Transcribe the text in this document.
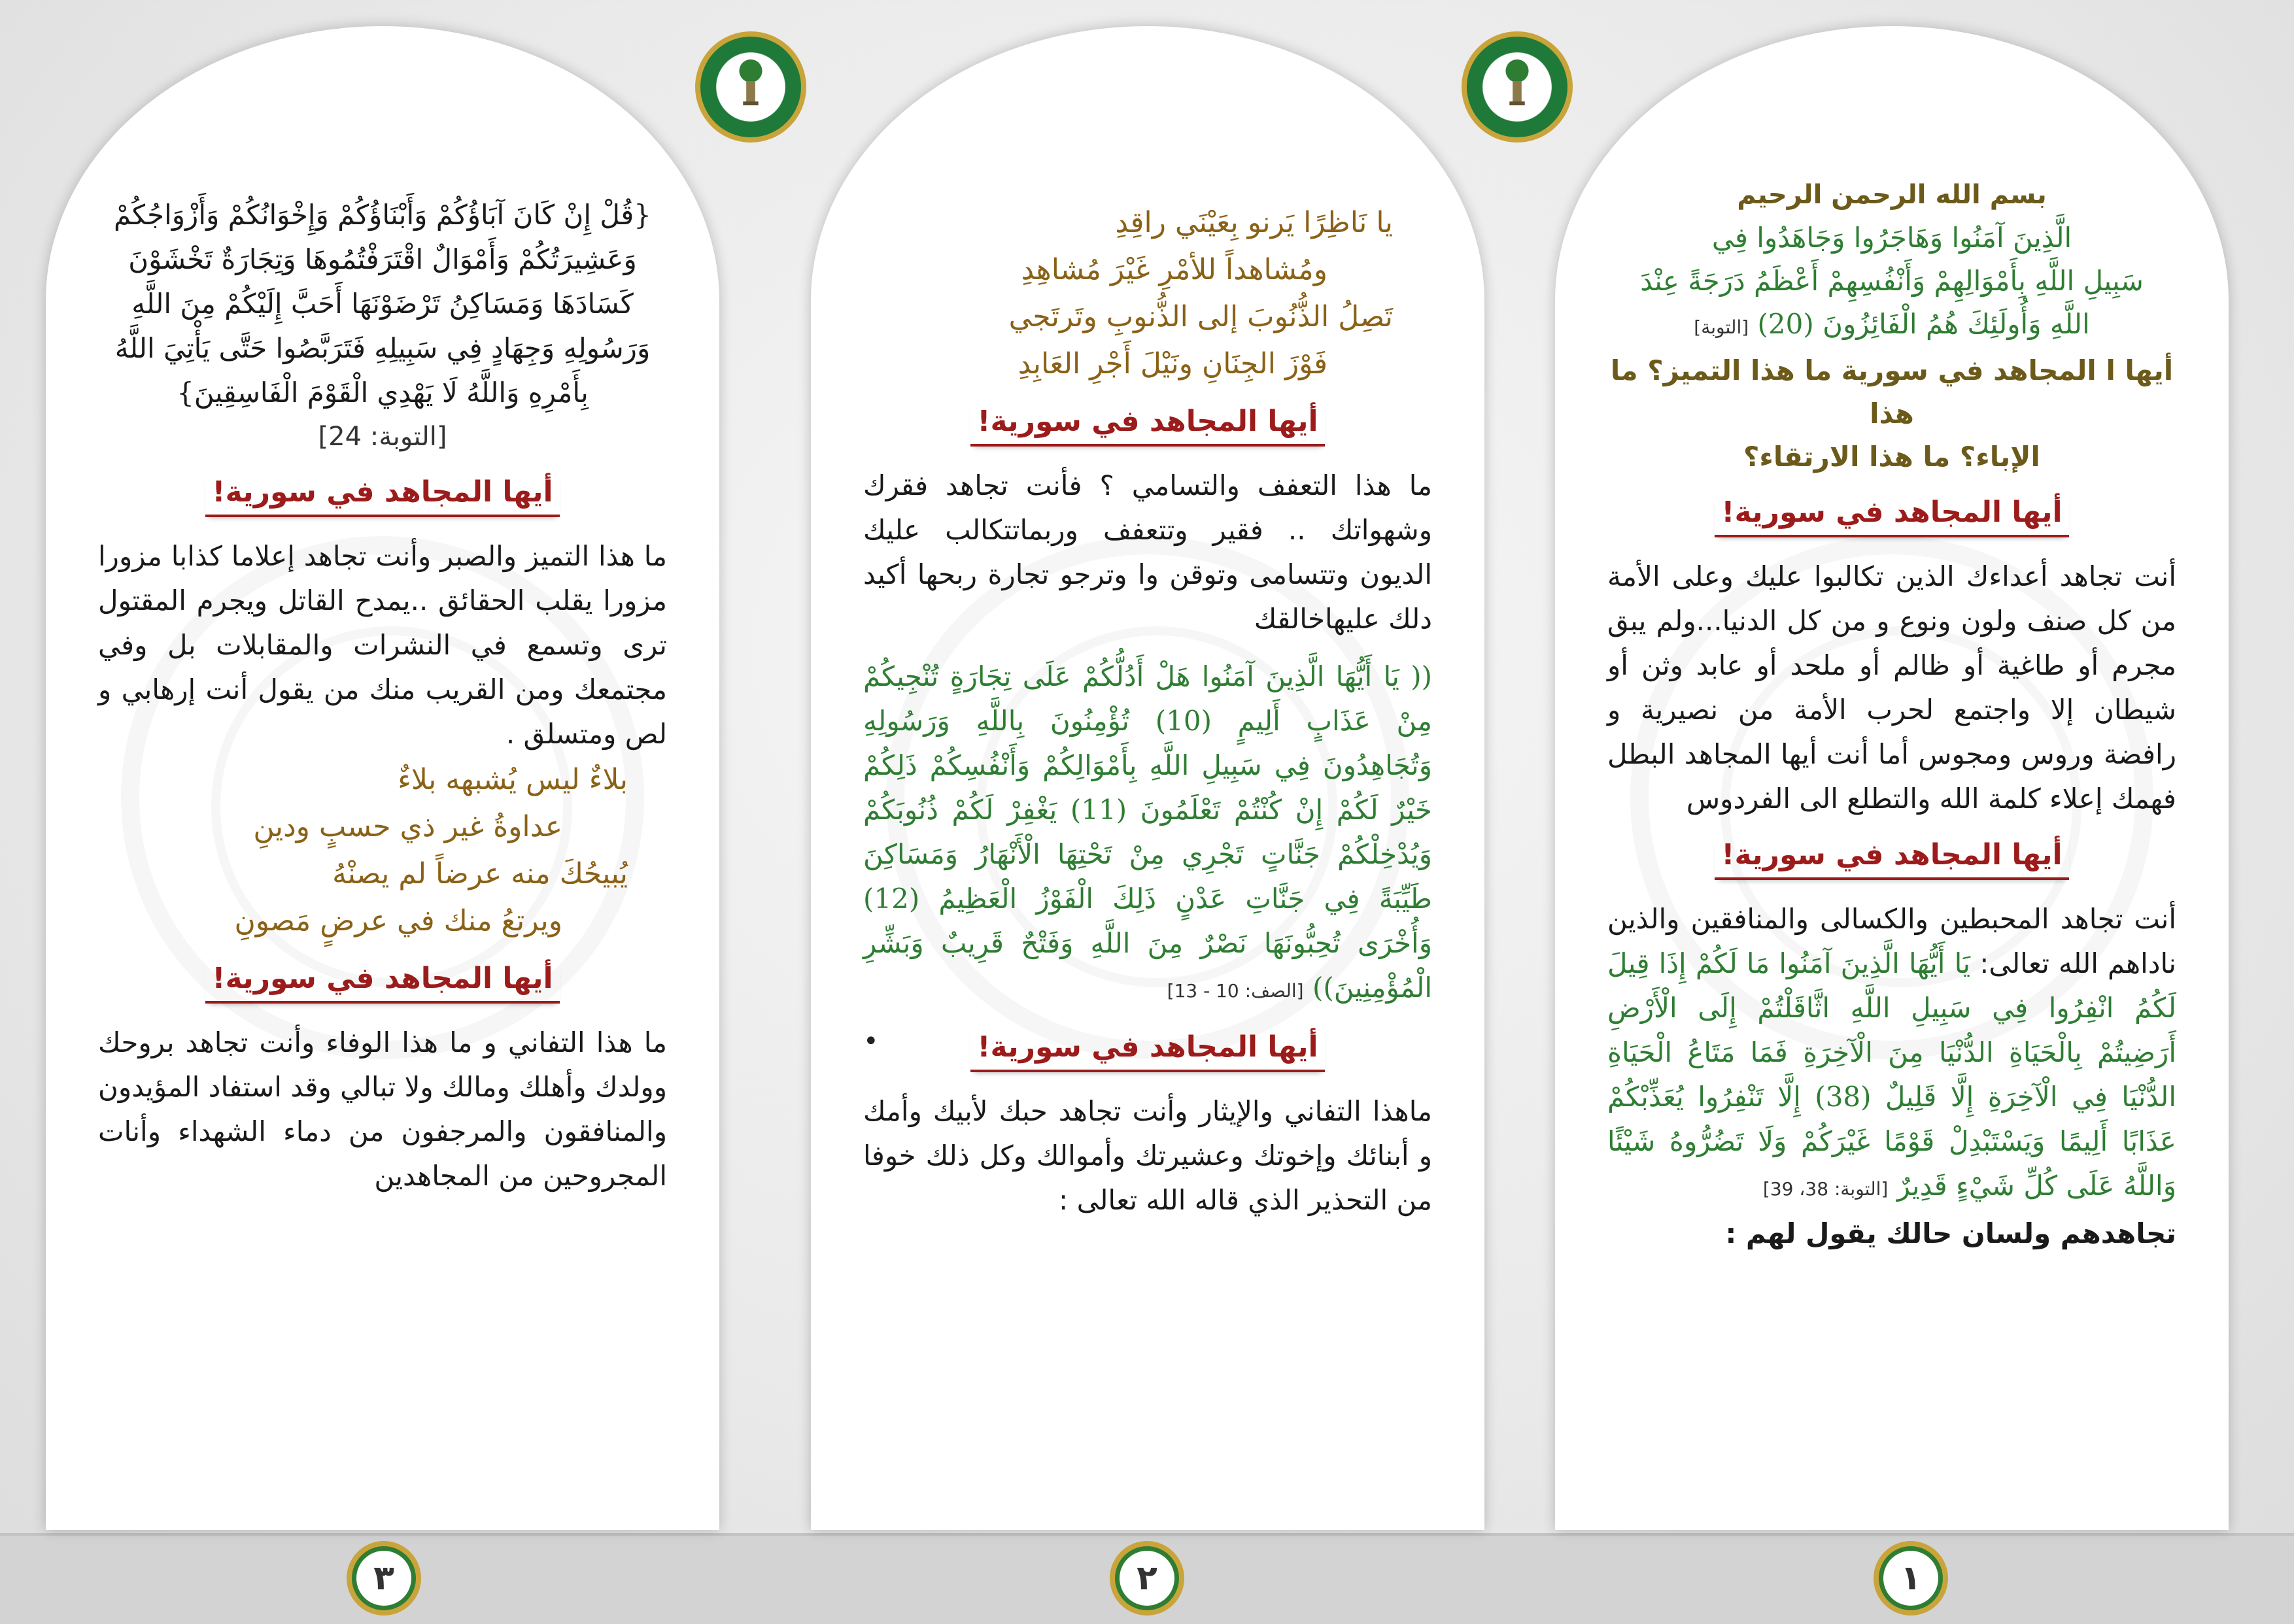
بسم الله الرحمن الرحيم
الَّذِينَ آمَنُوا وَهَاجَرُوا وَجَاهَدُوا فِي
سَبِيلِ اللَّهِ بِأَمْوَالِهِمْ وَأَنْفُسِهِمْ أَعْظَمُ دَرَجَةً عِنْدَ
اللَّهِ وَأُولَئِكَ هُمُ الْفَائِزُونَ (20) [التوبة]
أيها ا المجاهد في سورية ما هذا التميز؟ ما هذا
الإباء؟ ما هذا الارتقاء؟
أيها المجاهد في سورية!

أنت تجاهد أعداءك الذين تكالبوا عليك وعلى الأمة من كل صنف ولون ونوع و من كل الدنيا...ولم يبق مجرم أو طاغية أو ظالم أو ملحد أو عابد وثن أو شيطان إلا واجتمع لحرب الأمة من نصيرية و رافضة وروس ومجوس أما أنت أيها المجاهد البطل فهمك إعلاء كلمة الله والتطلع الى الفردوس

أيها المجاهد في سورية!

أنت تجاهد المحبطين والكسالى والمنافقين والذين ناداهم الله تعالى: يَا أَيُّهَا الَّذِينَ آمَنُوا مَا لَكُمْ إِذَا قِيلَ لَكُمُ انْفِرُوا فِي سَبِيلِ اللَّهِ اثَّاقَلْتُمْ إِلَى الْأَرْضِ أَرَضِيتُمْ بِالْحَيَاةِ الدُّنْيَا مِنَ الْآخِرَةِ فَمَا مَتَاعُ الْحَيَاةِ الدُّنْيَا فِي الْآخِرَةِ إِلَّا قَلِيلٌ (38) إِلَّا تَنْفِرُوا يُعَذِّبْكُمْ عَذَابًا أَلِيمًا وَيَسْتَبْدِلْ قَوْمًا غَيْرَكُمْ وَلَا تَضُرُّوهُ شَيْئًا وَاللَّهُ عَلَى كُلِّ شَيْءٍ قَدِيرٌ [التوبة: 38، 39]

تجاهدهم ولسان حالك يقول لهم :

يا نَاظِرًا يَرنو بِعَيْنَي راقِدِ
ومُشاهداً للأمْرِ غَيْرَ مُشاهِدِ
تَصِلُ الذُّنُوبَ إلى الذُّنوبِ وتَرتَجي
فَوْزَ الجِنَانِ ونَيْلَ أَجْرِ العَابِدِ
أيها المجاهد في سورية!

ما هذا التعفف والتسامي ؟ فأنت تجاهد فقرك وشهواتك .. فقير وتتعفف وربماتتكالب عليك الديون وتتسامى وتوقن وا وترجو تجارة ربحها أكيد دلك عليهاخالقك

(( يَا أَيُّهَا الَّذِينَ آمَنُوا هَلْ أَدُلُّكُمْ عَلَى تِجَارَةٍ تُنْجِيكُمْ مِنْ عَذَابٍ أَلِيمٍ (10) تُؤْمِنُونَ بِاللَّهِ وَرَسُولِهِ وَتُجَاهِدُونَ فِي سَبِيلِ اللَّهِ بِأَمْوَالِكُمْ وَأَنْفُسِكُمْ ذَلِكُمْ خَيْرٌ لَكُمْ إِنْ كُنْتُمْ تَعْلَمُونَ (11) يَغْفِرْ لَكُمْ ذُنُوبَكُمْ وَيُدْخِلْكُمْ جَنَّاتٍ تَجْرِي مِنْ تَحْتِهَا الْأَنْهَارُ وَمَسَاكِنَ طَيِّبَةً فِي جَنَّاتِ عَدْنٍ ذَلِكَ الْفَوْزُ الْعَظِيمُ (12) وَأُخْرَى تُحِبُّونَهَا نَصْرٌ مِنَ اللَّهِ وَفَتْحٌ قَرِيبٌ وَبَشِّرِ الْمُؤْمِنِينَ)) [الصف: 10 - 13]

أيها المجاهد في سورية!
•

ماهذا التفاني والإيثار وأنت تجاهد حبك لأبيك وأمك و أبنائك وإخوتك وعشيرتك وأموالك وكل ذلك خوفا من التحذير الذي قاله الله تعالى :

{قُلْ إِنْ كَانَ آبَاؤُكُمْ وَأَبْنَاؤُكُمْ وَإِخْوَانُكُمْ وَأَزْوَاجُكُمْ وَعَشِيرَتُكُمْ وَأَمْوَالٌ اقْتَرَفْتُمُوهَا وَتِجَارَةٌ تَخْشَوْنَ كَسَادَهَا وَمَسَاكِنُ تَرْضَوْنَهَا أَحَبَّ إِلَيْكُمْ مِنَ اللَّهِ وَرَسُولِهِ وَجِهَادٍ فِي سَبِيلِهِ فَتَرَبَّصُوا حَتَّى يَأْتِيَ اللَّهُ بِأَمْرِهِ وَاللَّهُ لَا يَهْدِي الْقَوْمَ الْفَاسِقِينَ}

[التوبة: 24]
أيها المجاهد في سورية!

ما هذا التميز والصبر وأنت تجاهد إعلاما كذابا مزورا مزورا يقلب الحقائق ..يمدح القاتل ويجرم المقتول ترى وتسمع في النشرات والمقابلات بل وفي مجتمعك ومن القريب منك من يقول أنت إرهابي و لص ومتسلق .

بلاءٌ ليس يُشبهه بلاءٌ
عداوةُ غير ذي حسبٍ ودينِ
يُبيحُكَ منه عرضاً لم يصنْهُ
ويرتعُ منك في عرضٍ مَصونِ
أيها المجاهد في سورية!

ما هذا التفاني و ما هذا الوفاء وأنت تجاهد بروحك وولدك وأهلك ومالك ولا تبالي وقد استفاد المؤيدون والمنافقون والمرجفون من دماء الشهداء وأنات المجروحين من المجاهدين

١
٢
٣
